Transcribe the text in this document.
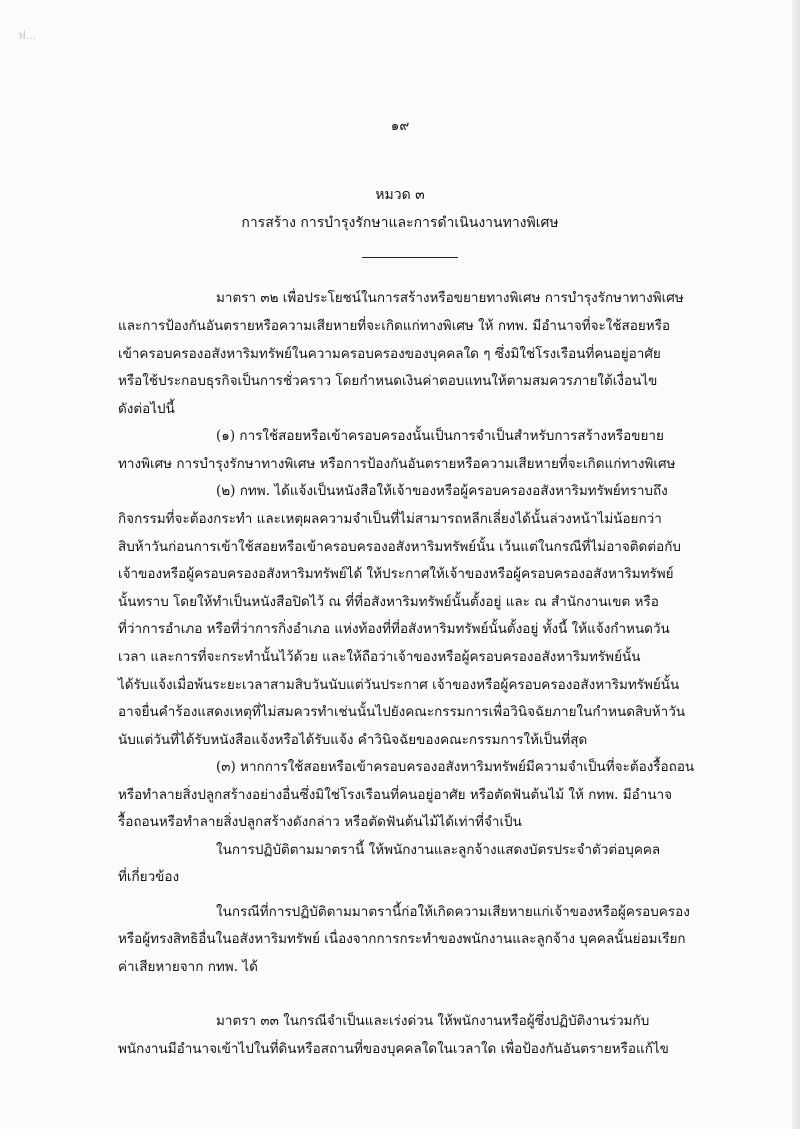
ฟ...
๑๙
หมวด ๓
การสร้าง การบำรุงรักษาและการดำเนินงานทางพิเศษ
มาตรา ๓๒ เพื่อประโยชน์ในการสร้างหรือขยายทางพิเศษ การบำรุงรักษาทางพิเศษ
และการป้องกันอันตรายหรือความเสียหายที่จะเกิดแก่ทางพิเศษ ให้ กทพ. มีอำนาจที่จะใช้สอยหรือ
เข้าครอบครองอสังหาริมทรัพย์ในความครอบครองของบุคคลใด ๆ ซึ่งมิใช่โรงเรือนที่คนอยู่อาศัย
หรือใช้ประกอบธุรกิจเป็นการชั่วคราว โดยกำหนดเงินค่าตอบแทนให้ตามสมควรภายใต้เงื่อนไข
ดังต่อไปนี้
(๑) การใช้สอยหรือเข้าครอบครองนั้นเป็นการจำเป็นสำหรับการสร้างหรือขยาย
ทางพิเศษ การบำรุงรักษาทางพิเศษ หรือการป้องกันอันตรายหรือความเสียหายที่จะเกิดแก่ทางพิเศษ
(๒) กทพ. ได้แจ้งเป็นหนังสือให้เจ้าของหรือผู้ครอบครองอสังหาริมทรัพย์ทราบถึง
กิจกรรมที่จะต้องกระทำ และเหตุผลความจำเป็นที่ไม่สามารถหลีกเลี่ยงได้นั้นล่วงหน้าไม่น้อยกว่า
สิบห้าวันก่อนการเข้าใช้สอยหรือเข้าครอบครองอสังหาริมทรัพย์นั้น เว้นแต่ในกรณีที่ไม่อาจติดต่อกับ
เจ้าของหรือผู้ครอบครองอสังหาริมทรัพย์ได้ ให้ประกาศให้เจ้าของหรือผู้ครอบครองอสังหาริมทรัพย์
นั้นทราบ โดยให้ทำเป็นหนังสือปิดไว้ ณ ที่ที่อสังหาริมทรัพย์นั้นตั้งอยู่ และ ณ สำนักงานเขต หรือ
ที่ว่าการอำเภอ หรือที่ว่าการกิ่งอำเภอ แห่งท้องที่ที่อสังหาริมทรัพย์นั้นตั้งอยู่ ทั้งนี้ ให้แจ้งกำหนดวัน
เวลา และการที่จะกระทำนั้นไว้ด้วย และให้ถือว่าเจ้าของหรือผู้ครอบครองอสังหาริมทรัพย์นั้น
ได้รับแจ้งเมื่อพ้นระยะเวลาสามสิบวันนับแต่วันประกาศ เจ้าของหรือผู้ครอบครองอสังหาริมทรัพย์นั้น
อาจยื่นคำร้องแสดงเหตุที่ไม่สมควรทำเช่นนั้นไปยังคณะกรรมการเพื่อวินิจฉัยภายในกำหนดสิบห้าวัน
นับแต่วันที่ได้รับหนังสือแจ้งหรือได้รับแจ้ง คำวินิจฉัยของคณะกรรมการให้เป็นที่สุด
(๓) หากการใช้สอยหรือเข้าครอบครองอสังหาริมทรัพย์มีความจำเป็นที่จะต้องรื้อถอน
หรือทำลายสิ่งปลูกสร้างอย่างอื่นซึ่งมิใช่โรงเรือนที่คนอยู่อาศัย หรือตัดฟันต้นไม้ ให้ กทพ. มีอำนาจ
รื้อถอนหรือทำลายสิ่งปลูกสร้างดังกล่าว หรือตัดฟันต้นไม้ได้เท่าที่จำเป็น
ในการปฏิบัติตามมาตรานี้ ให้พนักงานและลูกจ้างแสดงบัตรประจำตัวต่อบุคคล
ที่เกี่ยวข้อง
ในกรณีที่การปฏิบัติตามมาตรานี้ก่อให้เกิดความเสียหายแก่เจ้าของหรือผู้ครอบครอง
หรือผู้ทรงสิทธิอื่นในอสังหาริมทรัพย์ เนื่องจากการกระทำของพนักงานและลูกจ้าง บุคคลนั้นย่อมเรียก
ค่าเสียหายจาก กทพ. ได้
มาตรา ๓๓ ในกรณีจำเป็นและเร่งด่วน ให้พนักงานหรือผู้ซึ่งปฏิบัติงานร่วมกับ
พนักงานมีอำนาจเข้าไปในที่ดินหรือสถานที่ของบุคคลใดในเวลาใด เพื่อป้องกันอันตรายหรือแก้ไข
